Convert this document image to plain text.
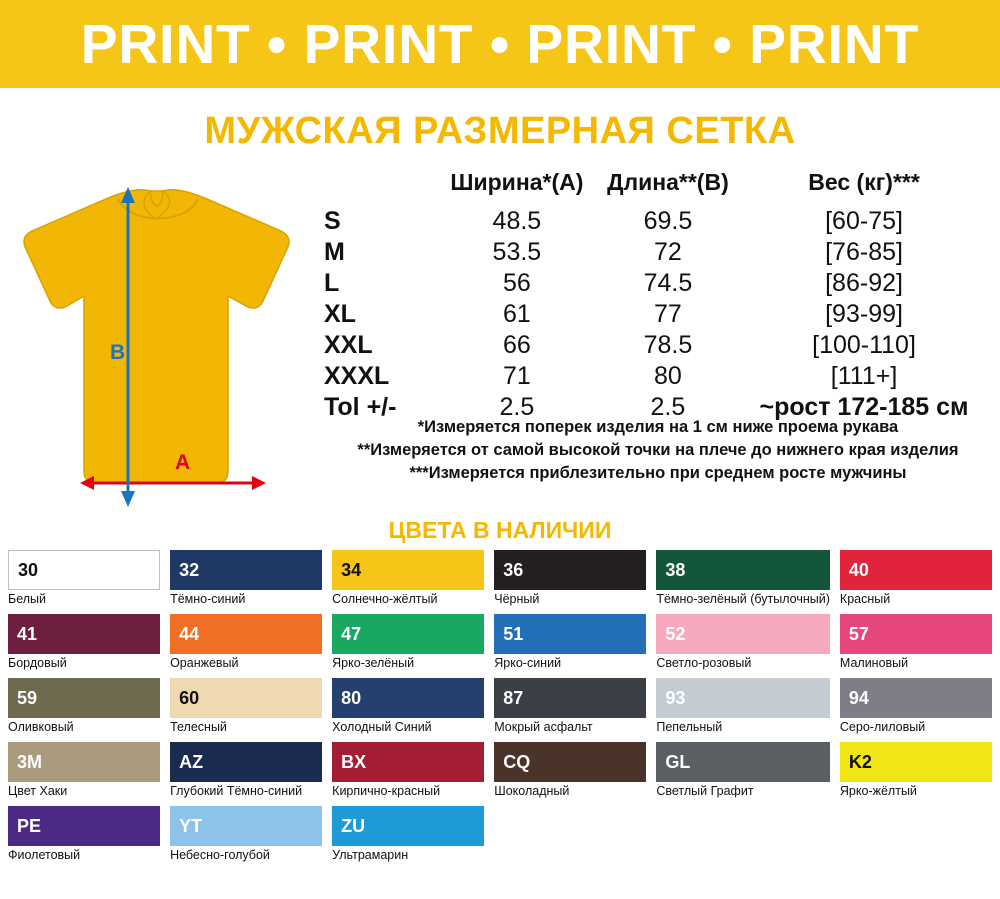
PRINT • PRINT • PRINT • PRINT
МУЖСКАЯ РАЗМЕРНАЯ СЕТКА
A
B
	Ширина*(A)	Длина**(B)	Вес (кг)***
S	48.5	69.5	[60-75]
M	53.5	72	[76-85]
L	56	74.5	[86-92]
XL	61	77	[93-99]
XXL	66	78.5	[100-110]
XXXL	71	80	[111+]
Tol +/-	2.5	2.5	~рост 172-185 см
*Измеряется поперек изделия на 1 см ниже проема рукава
**Измеряется от самой высокой точки на плече до нижнего края изделия
***Измеряется приблезительно при среднем росте мужчины
ЦВЕТА В НАЛИЧИИ
30
Белый
32
Тёмно-синий
34
Солнечно-жёлтый
36
Чёрный
38
Тёмно-зелёный (бутылочный)
40
Красный
41
Бордовый
44
Оранжевый
47
Ярко-зелёный
51
Ярко-синий
52
Светло-розовый
57
Малиновый
59
Оливковый
60
Телесный
80
Холодный Синий
87
Мокрый асфальт
93
Пепельный
94
Серо-лиловый
3M
Цвет Хаки
AZ
Глубокий Тёмно-синий
BX
Кирпично-красный
CQ
Шоколадный
GL
Светлый Графит
K2
Ярко-жёлтый
PE
Фиолетовый
YT
Небесно-голубой
ZU
Ультрамарин
